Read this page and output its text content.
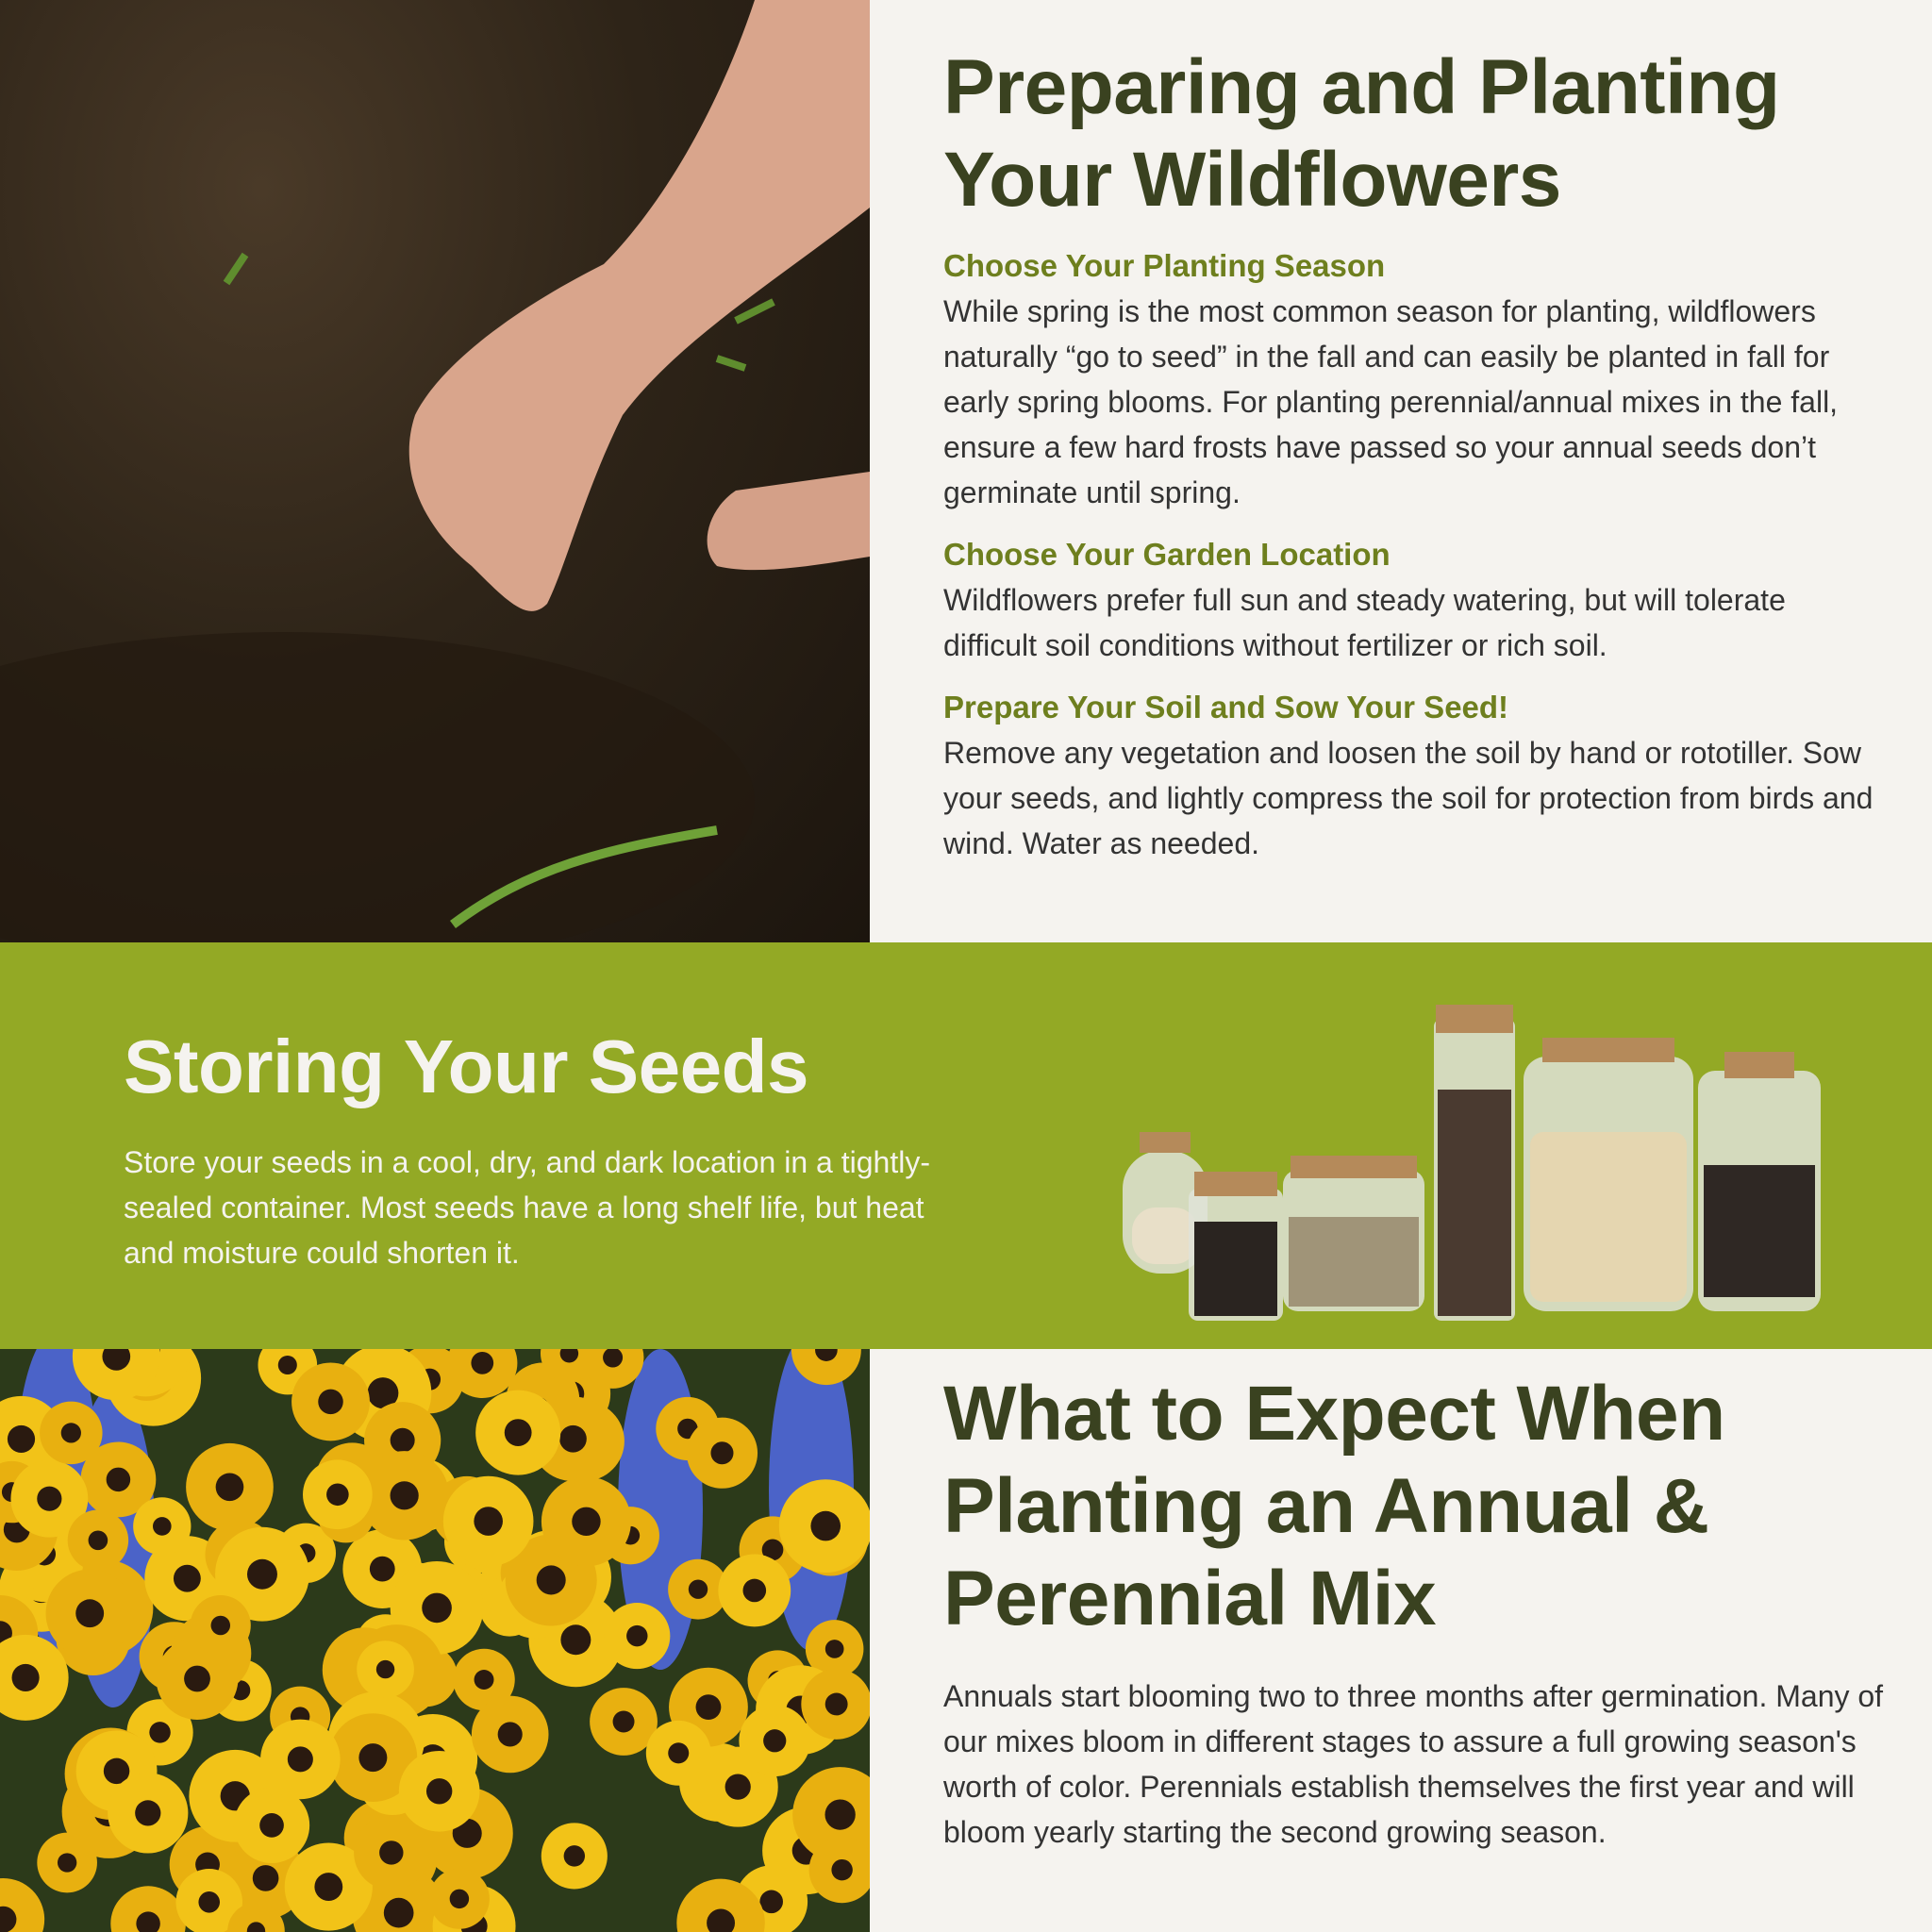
Preparing and Planting Your Wildflowers
Choose Your Planting Season

While spring is the most common season for planting, wildflowers naturally “go to seed” in the fall and can easily be planted in fall for early spring blooms. For planting perennial/annual mixes in the fall, ensure a few hard frosts have passed so your annual seeds don’t germinate until spring.

Choose Your Garden Location

Wildflowers prefer full sun and steady watering, but will tolerate difficult soil conditions without fertilizer or rich soil.

Prepare Your Soil and Sow Your Seed!

Remove any vegetation and loosen the soil by hand or rototiller. Sow your seeds, and lightly compress the soil for protection from birds and wind. Water as needed.

Storing Your Seeds

Store your seeds in a cool, dry, and dark location in a tightly-sealed container. Most seeds have a long shelf life, but heat and moisture could shorten it.

What to Expect When Planting an Annual & Perennial Mix

Annuals start blooming two to three months after germination. Many of our mixes bloom in different stages to assure a full growing season's worth of color. Perennials establish themselves the first year and will bloom yearly starting the second growing season.
